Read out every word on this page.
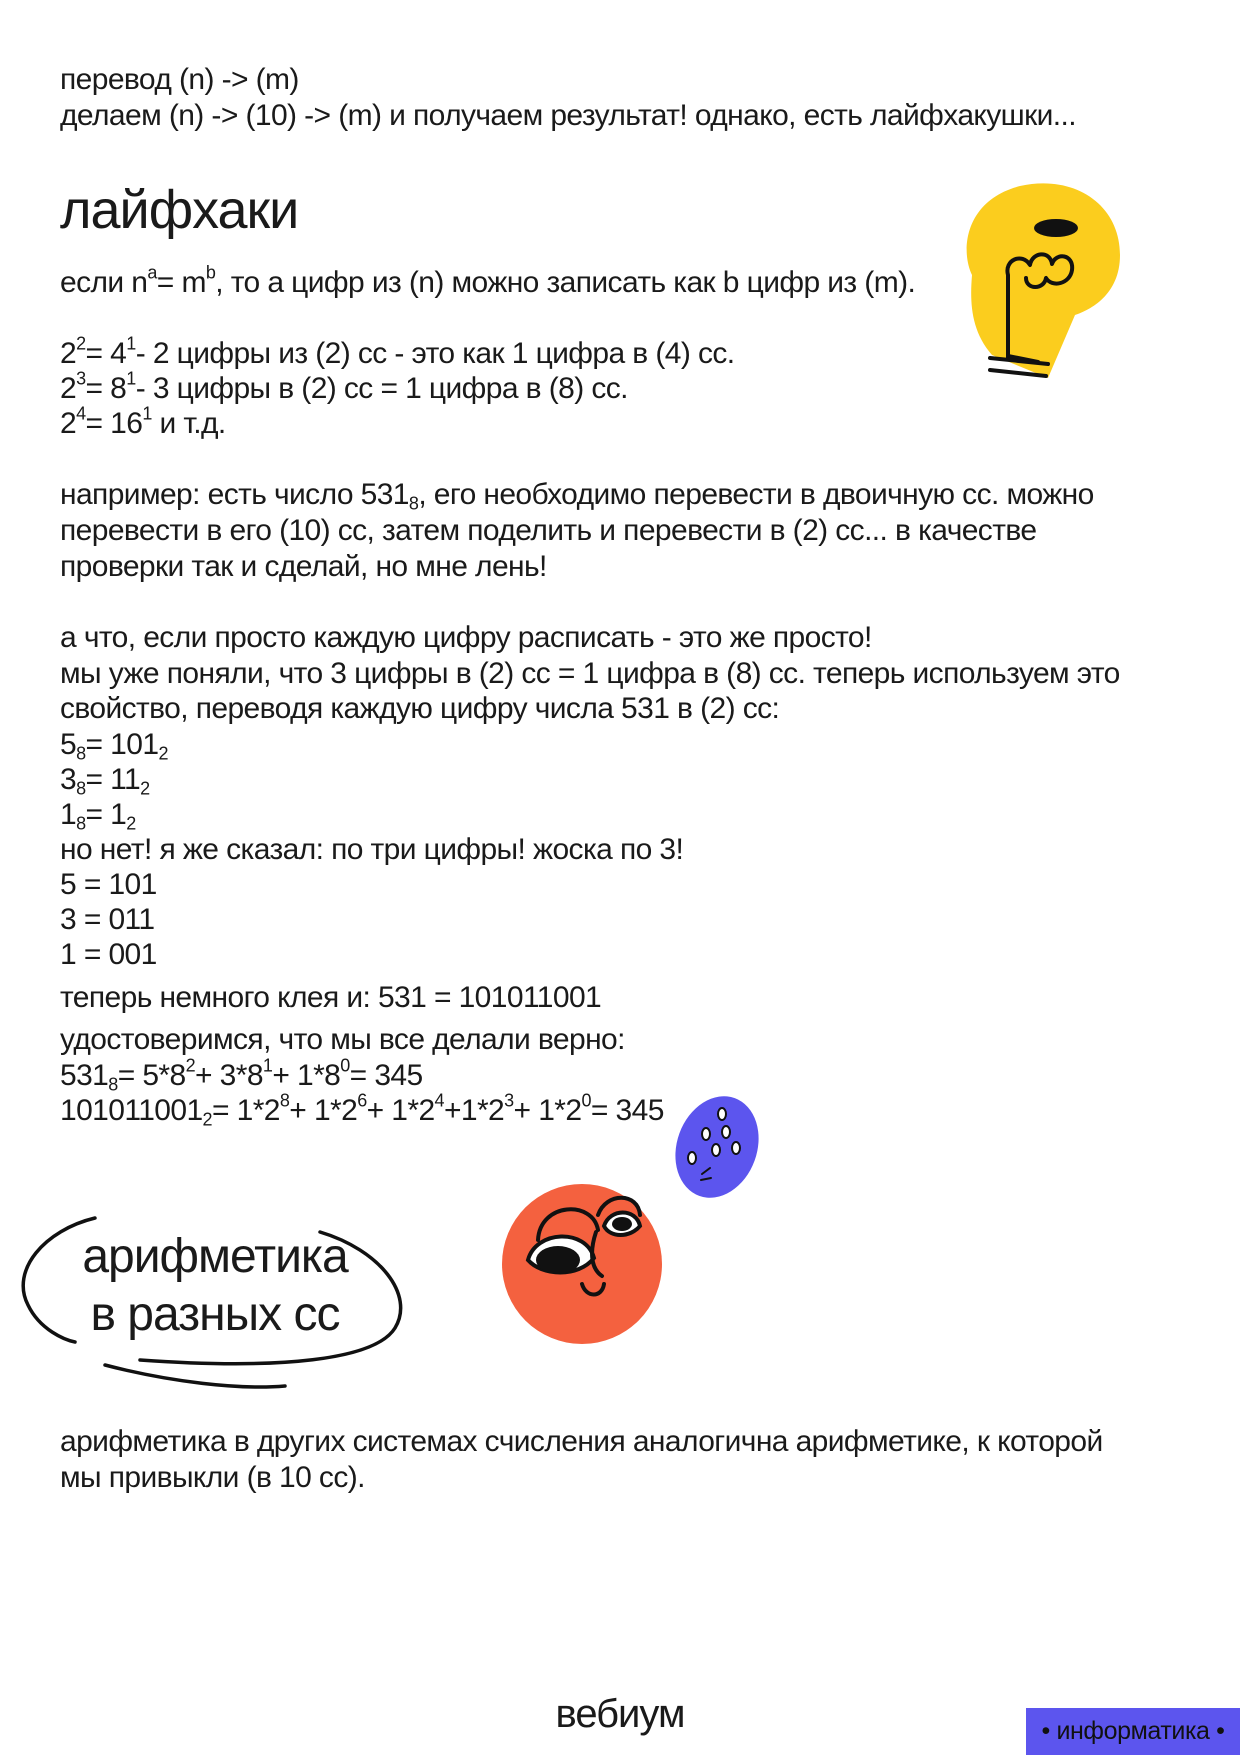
перевод (n) -> (m)
делаем (n) -> (10) -> (m) и получаем результат! однако, есть лайфхакушки...
лайфхаки
если $n^a= m^b$, то a цифр из (n) можно записать как b цифр из (m).
$2^2= 4^1-$ 2 цифры из (2) сс - это как 1 цифра в (4) сс.
$2^3= 8^1-$ 3 цифры в (2) сс = 1 цифра в (8) сс.
$2^4= 16^1$ и т.д.
например: есть число $531_8$, его необходимо перевести в двоичную сс. можно
перевести в его (10) сс, затем поделить и перевести в (2) сс... в качестве
проверки так и сделай, но мне лень!
а что, если просто каждую цифру расписать - это же просто!
мы уже поняли, что 3 цифры в (2) сс = 1 цифра в (8) сс. теперь используем это
свойство, переводя каждую цифру числа 531 в (2) сс:
$5_8= 101_2$
$3_8= 11_2$
$1_8= 1_2$
но нет! я же сказал: по три цифры! жоска по 3!
5 = 101
3 = 011
1 = 001
теперь немного клея и: 531 = 101011001
удостоверимся, что мы все делали верно:
$531_8= 5*8^2+ 3*8^1+ 1*8^0= 345$
$101011001_2= 1*2^8+ 1*2^6+ 1*2^4+1*2^3+ 1*2^0= 345$
арифметика
в разных сс
арифметика в других системах счисления аналогична арифметике, к которой
мы привыкли (в 10 сс).
вебиум	• информатика •
